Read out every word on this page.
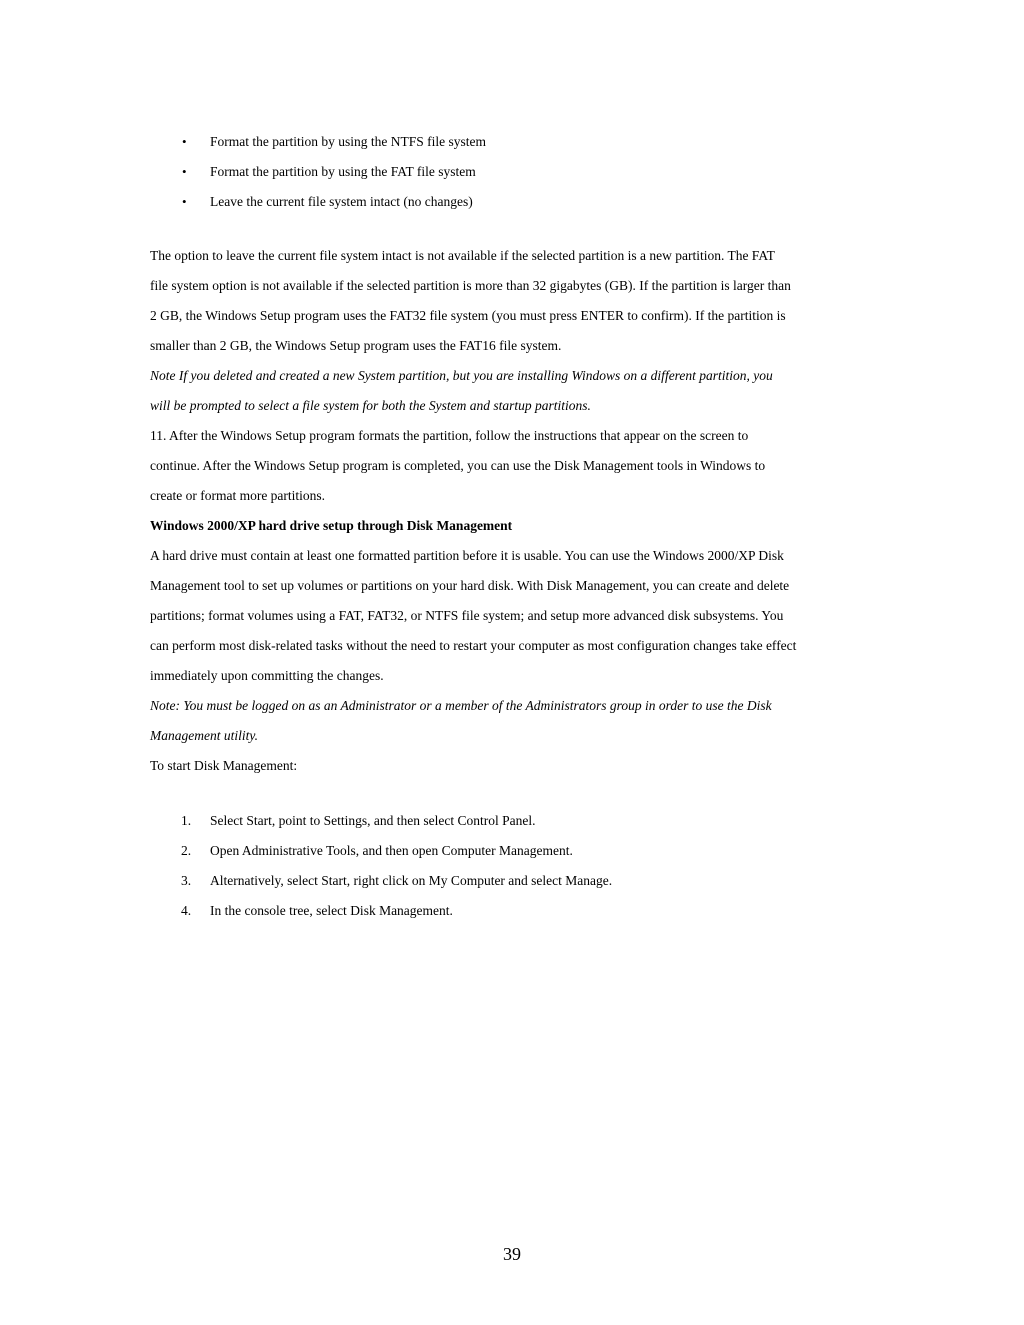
• Format the partition by using the NTFS file system
• Format the partition by using the FAT file system
• Leave the current file system intact (no changes)
The option to leave the current file system intact is not available if the selected partition is a new partition. The FAT
file system option is not available if the selected partition is more than 32 gigabytes (GB). If the partition is larger than
2 GB, the Windows Setup program uses the FAT32 file system (you must press ENTER to confirm). If the partition is
smaller than 2 GB, the Windows Setup program uses the FAT16 file system.
Note If you deleted and created a new System partition, but you are installing Windows on a different partition, you
will be prompted to select a file system for both the System and startup partitions.
11. After the Windows Setup program formats the partition, follow the instructions that appear on the screen to
continue. After the Windows Setup program is completed, you can use the Disk Management tools in Windows to
create or format more partitions.
Windows 2000/XP hard drive setup through Disk Management
A hard drive must contain at least one formatted partition before it is usable. You can use the Windows 2000/XP Disk
Management tool to set up volumes or partitions on your hard disk. With Disk Management, you can create and delete
partitions; format volumes using a FAT, FAT32, or NTFS file system; and setup more advanced disk subsystems. You
can perform most disk-related tasks without the need to restart your computer as most configuration changes take effect
immediately upon committing the changes.
Note: You must be logged on as an Administrator or a member of the Administrators group in order to use the Disk
Management utility.
To start Disk Management:
1. Select Start, point to Settings, and then select Control Panel.
2. Open Administrative Tools, and then open Computer Management.
3. Alternatively, select Start, right click on My Computer and select Manage.
4. In the console tree, select Disk Management.
39
